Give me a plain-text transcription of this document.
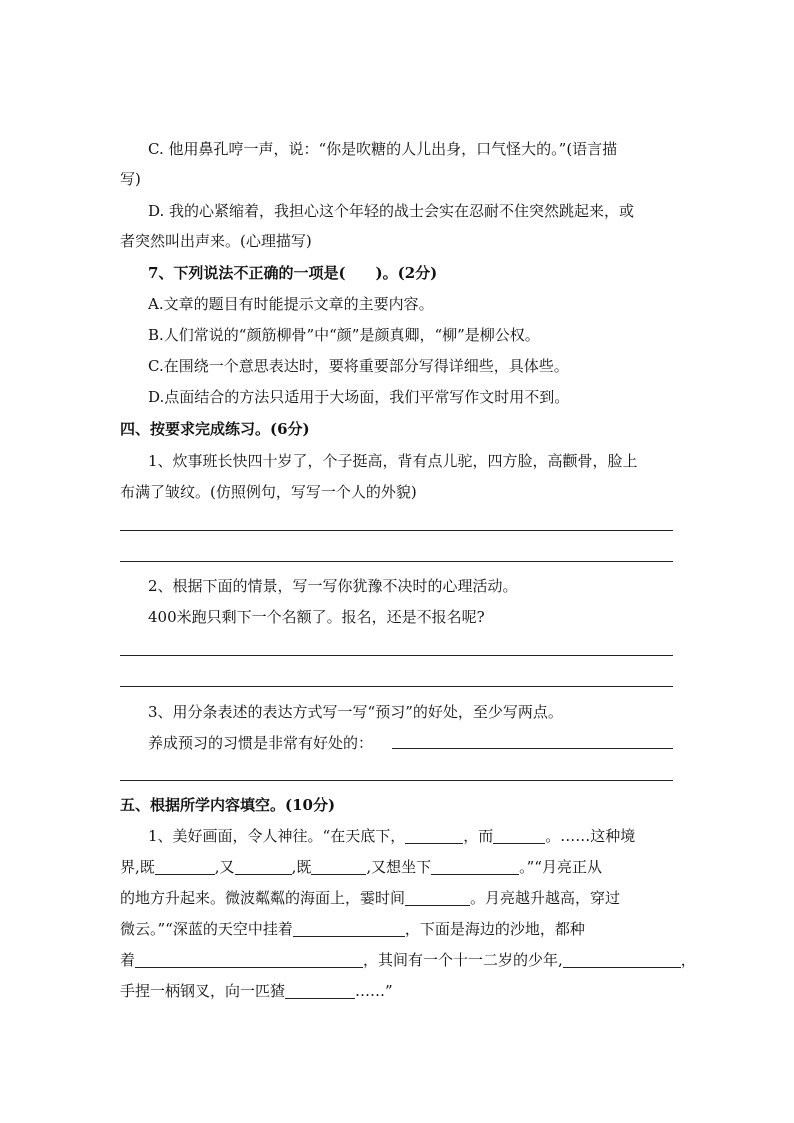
C. 他用鼻孔哼一声，说：“你是吹糖的人儿出身，口气怪大的。”(语言描
写)
D. 我的心紧缩着，我担心这个年轻的战士会实在忍耐不住突然跳起来，或
者突然叫出声来。(心理描写)
7、下列说法不正确的一项是(　　)。(2分)
A.文章的题目有时能提示文章的主要内容。
B.人们常说的“颜筋柳骨”中“颜”是颜真卿，“柳”是柳公权。
C.在围绕一个意思表达时，要将重要部分写得详细些，具体些。
D.点面结合的方法只适用于大场面，我们平常写作文时用不到。
四、按要求完成练习。(6分)
1、炊事班长快四十岁了，个子挺高，背有点儿驼，四方脸，高颧骨，脸上
布满了皱纹。(仿照例句，写写一个人的外貌)
2、根据下面的情景，写一写你犹豫不决时的心理活动。
400米跑只剩下一个名额了。报名，还是不报名呢?
3、用分条表述的表达方式写一写“预习”的好处，至少写两点。
养成预习的习惯是非常有好处的：
五、根据所学内容填空。(10分)
1、美好画面，令人神往。“在天底下，	，而	。……这种境
界,既	,又	,既	,又想坐下	。”“月亮正从
的地方升起来。微波粼粼的海面上，霎时间	。月亮越升越高，穿过
微云。”“深蓝的天空中挂着	，下面是海边的沙地，都种
着	，其间有一个十一二岁的少年,	，
手捏一柄钢叉，向一匹猹	……”
